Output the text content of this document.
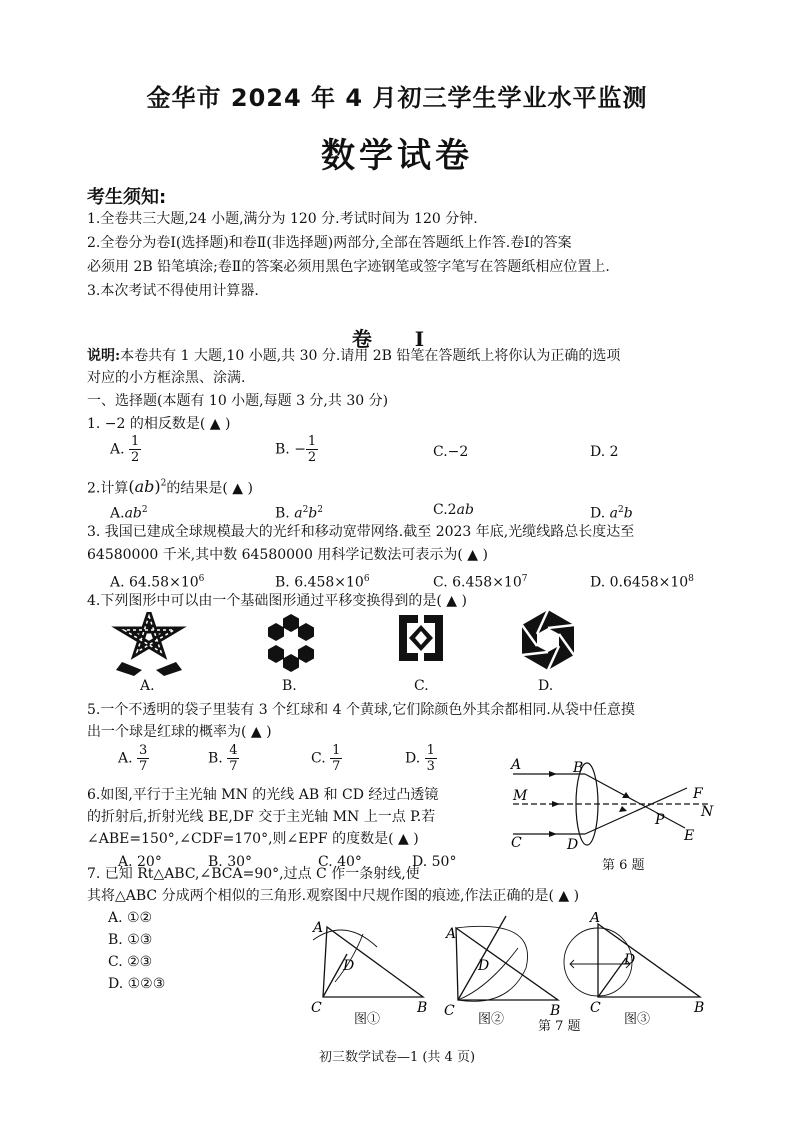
金华市 2024 年 4 月初三学生学业水平监测
数学试卷
考生须知:
1.全卷共三大题,24 小题,满分为 120 分.考试时间为 120 分钟.
2.全卷分为卷Ⅰ(选择题)和卷Ⅱ(非选择题)两部分,全部在答题纸上作答.卷Ⅰ的答案
必须用 2B 铅笔填涂;卷Ⅱ的答案必须用黑色字迹钢笔或签字笔写在答题纸相应位置上.
3.本次考试不得使用计算器.
卷 Ⅰ
说明:本卷共有 1 大题,10 小题,共 30 分.请用 2B 铅笔在答题纸上将你认为正确的选项
对应的小方框涂黑、涂满.
一、选择题(本题有 10 小题,每题 3 分,共 30 分)
1. −2 的相反数是( ▲ )
A. $\frac{1}{2}$	B. − $\frac{1}{2}$	C.−2	D. 2
2.计算(ab)$^2$的结果是( ▲ )
$A.ab^2$	B. $a^2b^2$	C.2ab	D. $a^2b$
3. 我国已建成全球规模最大的光纤和移动宽带网络.截至 2023 年底,光缆线路总长度达至
64580000 千米,其中数 64580000 用科学记数法可表示为( ▲ )
A. $64.58\times 10^6$	B. $6.458\times 10^6$	C. $6.458\times 10^7$	D. $0.6458\times 10^8$
4.下列图形中可以由一个基础图形通过平移变换得到的是( ▲ )
A.	B.	C.	D.
5.一个不透明的袋子里装有 3 个红球和 4 个黄球,它们除颜色外其余都相同.从袋中任意摸
出一个球是红球的概率为( ▲ )
A. $\frac{3}{7}$	B. $\frac{4}{7}$	C. $\frac{1}{7}$	D. $\frac{1}{3}$
6.如图,平行于主光轴 MN 的光线 AB 和 CD 经过凸透镜
的折射后,折射光线 BE,DF 交于主光轴 MN 上一点 P.若
∠ABE=150°,∠CDF=170°,则∠EPF 的度数是( ▲ )
A. 20°	B. 30°	C. 40°	D. 50°
A	B
M
C	D
P
F
N
E
第 6 题
7. 已知 Rt△ABC,∠BCA=90°,过点 C 作一条射线,使
其将△ABC 分成两个相似的三角形.观察图中尺规作图的痕迹,作法正确的是( ▲ )
A. ①②
B. ①③
C. ②③
D. ①②③
A
D
C	B
图①
A
D
C	B
图②
A
D
C	B
第 7 题	图③
初三数学试卷—1 (共 4 页)
